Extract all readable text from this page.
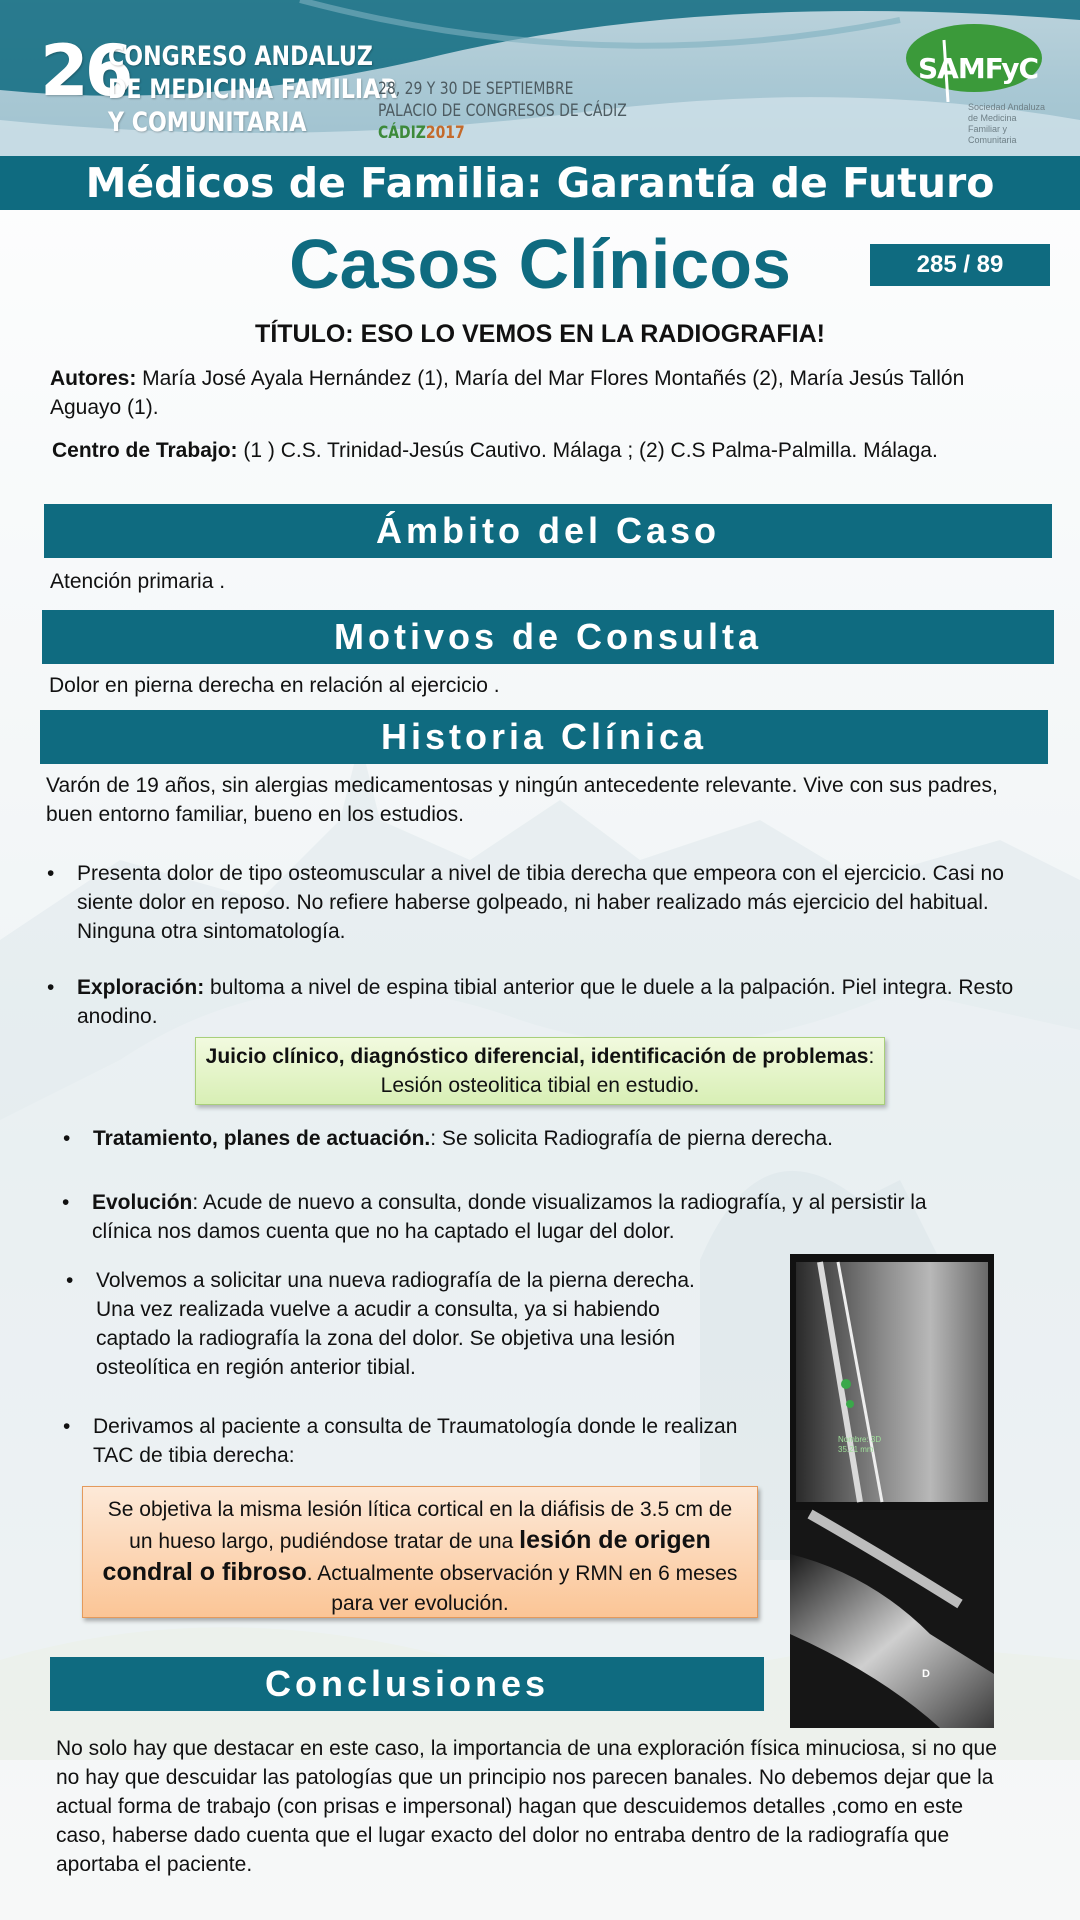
26
CONGRESO ANDALUZ
DE MEDICINA FAMILIAR
Y COMUNITARIA
28, 29 Y 30 DE SEPTIEMBRE
PALACIO DE CONGRESOS DE CÁDIZ
CÁDIZ2017
SAMFyC
Sociedad Andaluza de Medicina Familiar y Comunitaria
Médicos de Familia: Garantía de Futuro
Casos Clínicos	285 / 89
TÍTULO: ESO LO VEMOS EN LA RADIOGRAFIA!
Autores: María José Ayala Hernández (1), María del Mar Flores Montañés (2), María Jesús Tallón Aguayo (1).
Centro de Trabajo: (1 ) C.S. Trinidad-Jesús Cautivo. Málaga ; (2) C.S Palma-Palmilla. Málaga.
Ámbito del Caso
Atención primaria .
Motivos de Consulta
Dolor en pierna derecha en relación al ejercicio .
Historia Clínica
Varón de 19 años, sin alergias medicamentosas y ningún antecedente relevante. Vive con sus padres, buen entorno familiar, bueno en los estudios.
• Presenta dolor de tipo osteomuscular a nivel de tibia derecha que empeora con el ejercicio. Casi no siente dolor en reposo. No refiere haberse golpeado, ni haber realizado más ejercicio del habitual. Ninguna otra sintomatología.
• Exploración: bultoma a nivel de espina tibial anterior que le duele a la palpación. Piel integra. Resto anodino.
Juicio clínico, diagnóstico diferencial, identificación de problemas: Lesión osteolitica tibial en estudio.
• Tratamiento, planes de actuación.: Se solicita Radiografía de pierna derecha.
• Evolución: Acude de nuevo a consulta, donde visualizamos la radiografía, y al persistir la clínica nos damos cuenta que no ha captado el lugar del dolor.
• Volvemos a solicitar una nueva radiografía de la pierna derecha. Una vez realizada vuelve a acudir a consulta, ya si habiendo captado la radiografía la zona del dolor. Se objetiva una lesión osteolítica en región anterior tibial.
• Derivamos al paciente a consulta de Traumatología donde le realizan TAC de tibia derecha:
Se objetiva la misma lesión lítica cortical en la diáfisis de 3.5 cm de un hueso largo, pudiéndose tratar de una lesión de origen condral o fibroso. Actualmente observación y RMN en 6 meses para ver evolución.
Nombre: 3D 35.21 mm
D
Conclusiones
No solo hay que destacar en este caso, la importancia de una exploración física minuciosa, si no que no hay que descuidar las patologías que un principio nos parecen banales. No debemos dejar que la actual forma de trabajo (con prisas e impersonal) hagan que descuidemos detalles ,como en este caso, haberse dado cuenta que el lugar exacto del dolor no entraba dentro de la radiografía que aportaba el paciente.
